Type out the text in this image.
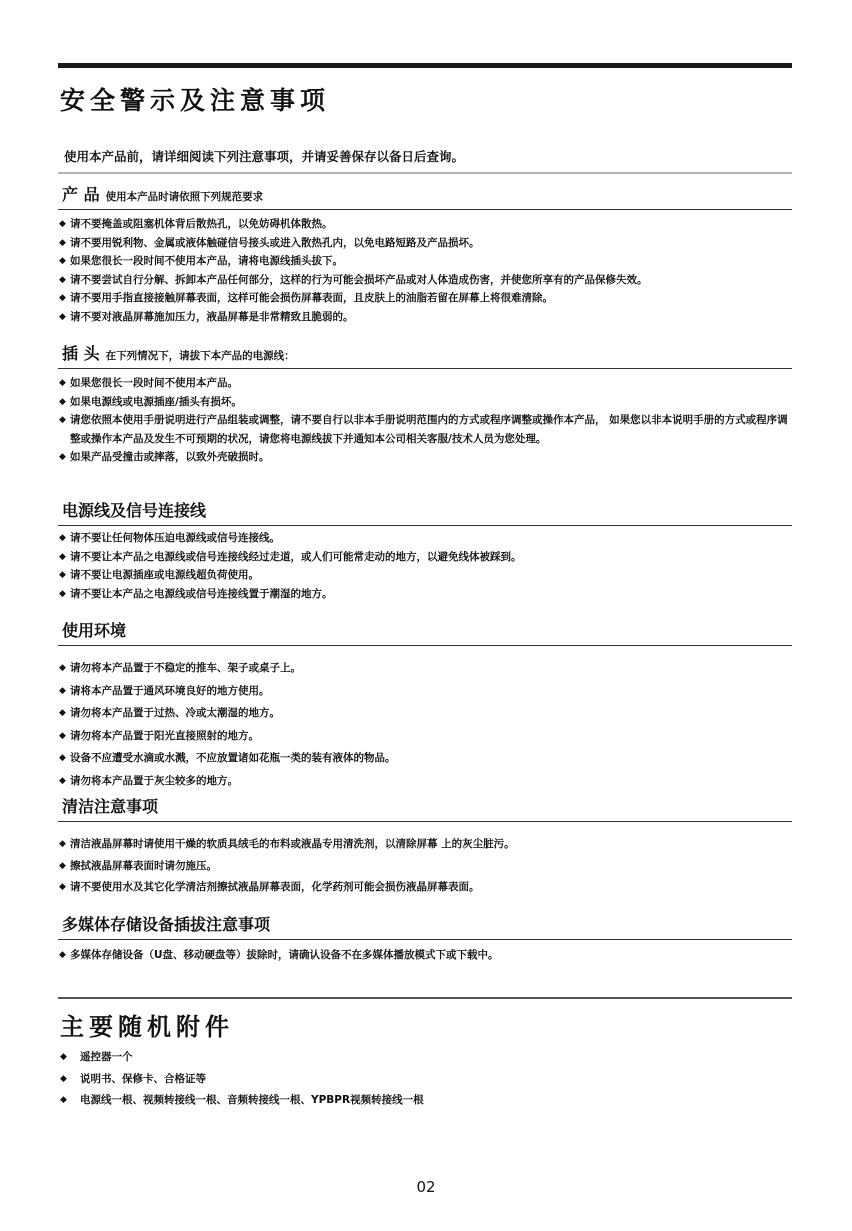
安全警示及注意事项
使用本产品前，请详细阅读下列注意事项，并请妥善保存以备日后查询。
产 品 使用本产品时请依照下列规范要求
◆ 请不要掩盖或阻塞机体背后散热孔，以免妨碍机体散热。
◆ 请不要用锐利物、金属或液体触碰信号接头或进入散热孔内，以免电路短路及产品损坏。
◆ 如果您很长一段时间不使用本产品，请将电源线插头拔下。
◆ 请不要尝试自行分解、拆卸本产品任何部分，这样的行为可能会损坏产品或对人体造成伤害，并使您所享有的产品保修失效。
◆ 请不要用手指直接接触屏幕表面，这样可能会损伤屏幕表面，且皮肤上的油脂若留在屏幕上将很难清除。
◆ 请不要对液晶屏幕施加压力，液晶屏幕是非常精致且脆弱的。
插 头 在下列情况下，请拔下本产品的电源线：
◆ 如果您很长一段时间不使用本产品。
◆ 如果电源线或电源插座/插头有损坏。
◆ 请您依照本使用手册说明进行产品组装或调整，请不要自行以非本手册说明范围内的方式或程序调整或操作本产品， 如果您以非本说明手册的方式或程序调整或操作本产品及发生不可预期的状况，请您将电源线拔下并通知本公司相关客服/技术人员为您处理。
◆ 如果产品受撞击或摔落，以致外壳破损时。
电源线及信号连接线
◆ 请不要让任何物体压迫电源线或信号连接线。
◆ 请不要让本产品之电源线或信号连接线经过走道，或人们可能常走动的地方，以避免线体被踩到。
◆ 请不要让电源插座或电源线超负荷使用。
◆ 请不要让本产品之电源线或信号连接线置于潮湿的地方。
使用环境
◆ 请勿将本产品置于不稳定的推车、架子或桌子上。
◆ 请将本产品置于通风环境良好的地方使用。
◆ 请勿将本产品置于过热、冷或太潮湿的地方。
◆ 请勿将本产品置于阳光直接照射的地方。
◆ 设备不应遭受水滴或水溅，不应放置诸如花瓶一类的装有液体的物品。
◆ 请勿将本产品置于灰尘较多的地方。
清洁注意事项
◆ 清洁液晶屏幕时请使用干燥的软质具绒毛的布料或液晶专用清洗剂，以清除屏幕 上的灰尘脏污。
◆ 擦拭液晶屏幕表面时请勿施压。
◆ 请不要使用水及其它化学清洁剂擦拭液晶屏幕表面，化学药剂可能会损伤液晶屏幕表面。
多媒体存储设备插拔注意事项
◆ 多媒体存储设备（U盘、移动硬盘等）拔除时，请确认设备不在多媒体播放模式下或下载中。
主要随机附件
◆ 遥控器一个
◆ 说明书、保修卡、合格证等
◆ 电源线一根、视频转接线一根、音频转接线一根、YPBPR视频转接线一根
02
